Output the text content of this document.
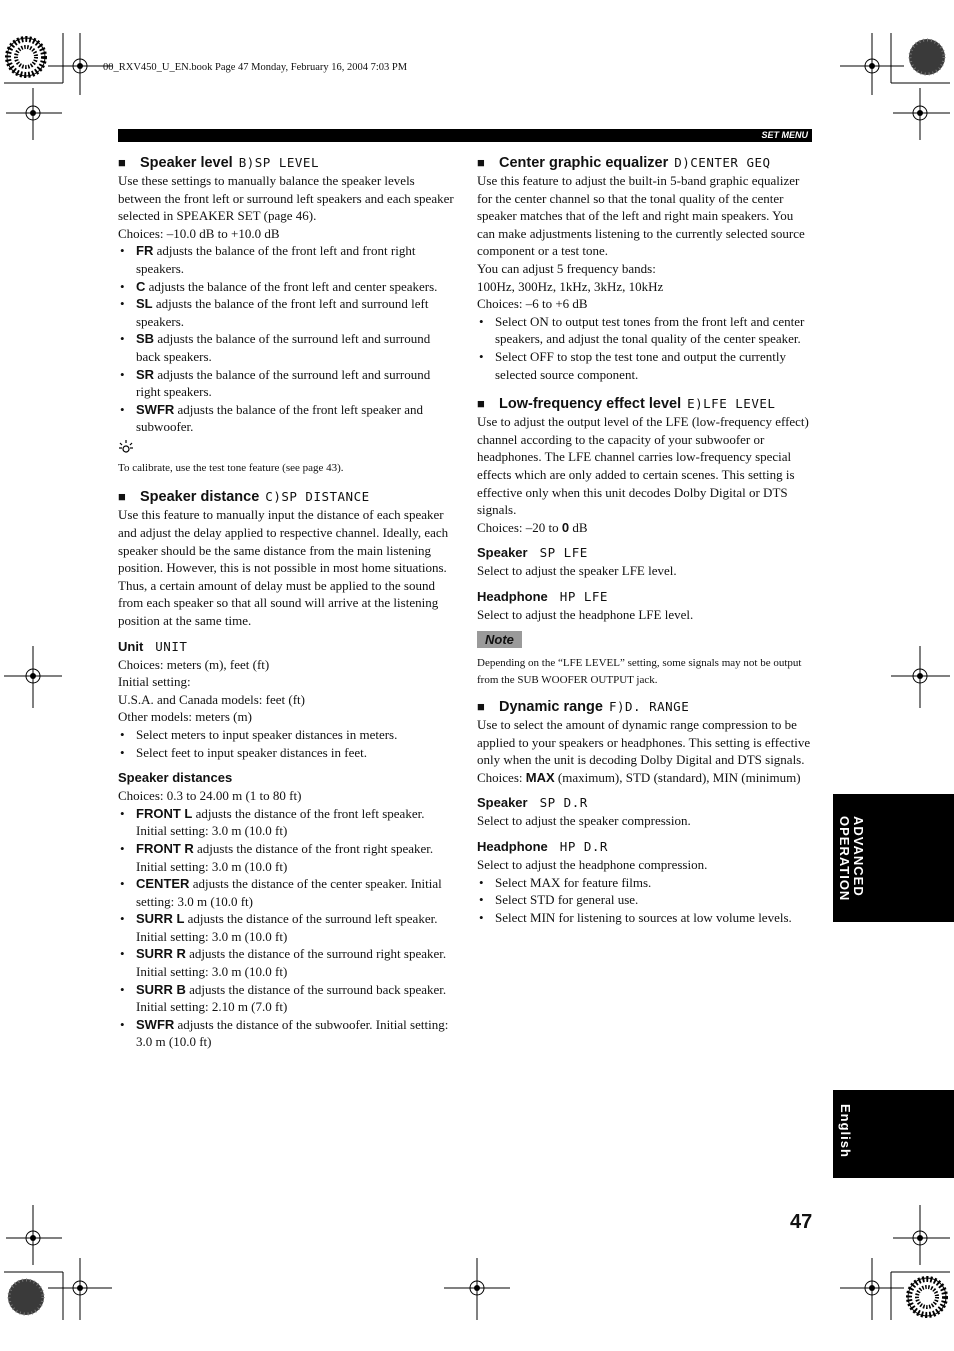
00_RXV450_U_EN.book Page 47 Monday, February 16, 2004 7:03 PM
SET MENU
■ Speaker level B)SP LEVEL

Use these settings to manually balance the speaker levels between the front left or surround left speakers and each speaker selected in SPEAKER SET (page 46).

Choices: –10.0 dB to +10.0 dB

• FR adjusts the balance of the front left and front right speakers.
• C adjusts the balance of the front left and center speakers.
• SL adjusts the balance of the front left and surround left speakers.
• SB adjusts the balance of the surround left and surround back speakers.
• SR adjusts the balance of the surround left and surround right speakers.
• SWFR adjusts the balance of the front left speaker and subwoofer.

To calibrate, use the test tone feature (see page 43).

■ Speaker distance C)SP DISTANCE

Use this feature to manually input the distance of each speaker and adjust the delay applied to respective channel. Ideally, each speaker should be the same distance from the main listening position. However, this is not possible in most home situations. Thus, a certain amount of delay must be applied to the sound from each speaker so that all sound will arrive at the listening position at the same time.

Unit UNIT

Choices: meters (m), feet (ft)

Initial setting:

U.S.A. and Canada models: feet (ft)

Other models: meters (m)

• Select meters to input speaker distances in meters.
• Select feet to input speaker distances in feet.
Speaker distances

Choices: 0.3 to 24.00 m (1 to 80 ft)

• FRONT L adjusts the distance of the front left speaker. Initial setting: 3.0 m (10.0 ft)
• FRONT R adjusts the distance of the front right speaker. Initial setting: 3.0 m (10.0 ft)
• CENTER adjusts the distance of the center speaker. Initial setting: 3.0 m (10.0 ft)
• SURR L adjusts the distance of the surround left speaker. Initial setting: 3.0 m (10.0 ft)
• SURR R adjusts the distance of the surround right speaker. Initial setting: 3.0 m (10.0 ft)
• SURR B adjusts the distance of the surround back speaker. Initial setting: 2.10 m (7.0 ft)
• SWFR adjusts the distance of the subwoofer. Initial setting: 3.0 m (10.0 ft)
■ Center graphic equalizer D)CENTER GEQ

Use this feature to adjust the built-in 5-band graphic equalizer for the center channel so that the tonal quality of the center speaker matches that of the left and right main speakers. You can make adjustments listening to the currently selected source component or a test tone.

You can adjust 5 frequency bands:

100Hz, 300Hz, 1kHz, 3kHz, 10kHz

Choices: –6 to +6 dB

• Select ON to output test tones from the front left and center speakers, and adjust the tonal quality of the center speaker.
• Select OFF to stop the test tone and output the currently selected source component.
■ Low-frequency effect level E)LFE LEVEL

Use to adjust the output level of the LFE (low-frequency effect) channel according to the capacity of your subwoofer or headphones. The LFE channel carries low-frequency special effects which are only added to certain scenes. This setting is effective only when this unit decodes Dolby Digital or DTS signals.

Choices: –20 to 0 dB

Speaker SP LFE

Select to adjust the speaker LFE level.

Headphone HP LFE

Select to adjust the headphone LFE level.

Note

Depending on the “LFE LEVEL” setting, some signals may not be output from the SUB WOOFER OUTPUT jack.

■ Dynamic range F)D. RANGE

Use to select the amount of dynamic range compression to be applied to your speakers or headphones. This setting is effective only when the unit is decoding Dolby Digital and DTS signals.

Choices: MAX (maximum), STD (standard), MIN (minimum)

Speaker SP D.R

Select to adjust the speaker compression.

Headphone HP D.R

Select to adjust the headphone compression.

• Select MAX for feature films.
• Select STD for general use.
• Select MIN for listening to sources at low volume levels.
ADVANCED
OPERATION
English
47
